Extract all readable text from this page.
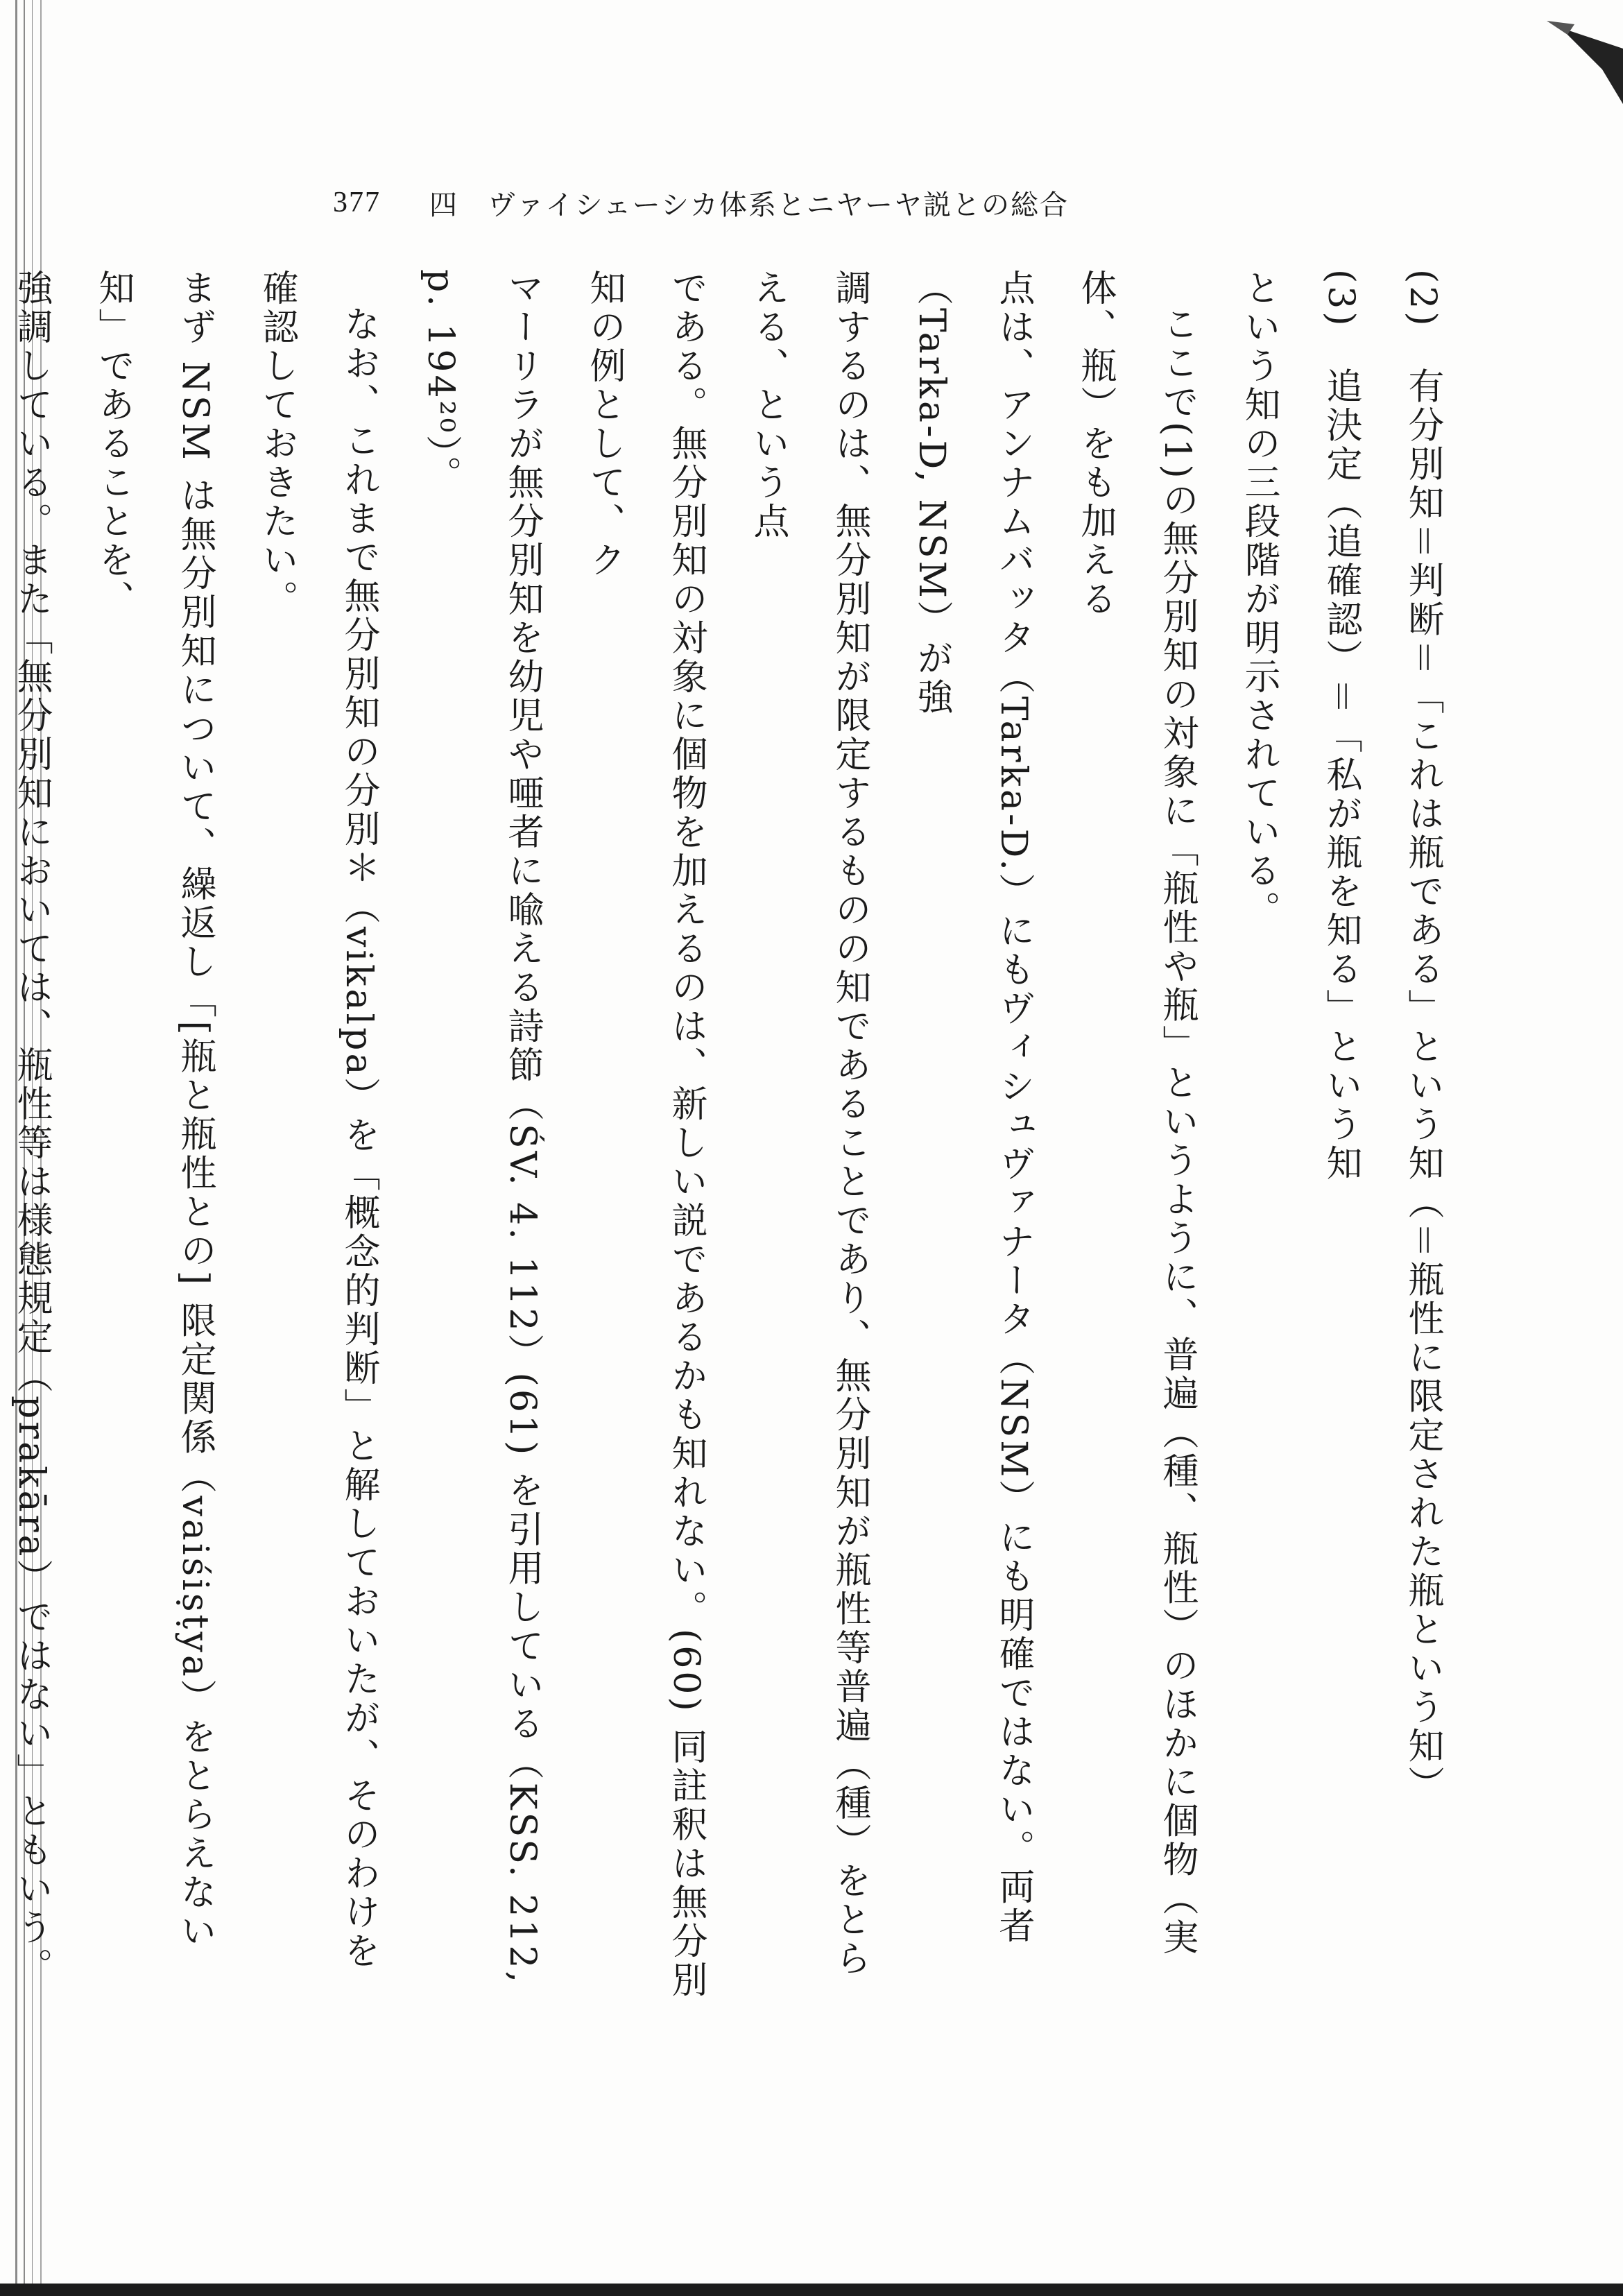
377 四　ヴァイシェーシカ体系とニヤーヤ説との総合

(2)　有分別知＝判断＝「これは瓶である」という知（＝瓶性に限定された瓶という知）

(3)　追決定（追確認）＝「私が瓶を知る」という知

という知の三段階が明示されている。

ここで(1)の無分別知の対象に「瓶性や瓶」というように、普遍（種、瓶性）のほかに個物（実体、瓶）をも加える

点は、アンナムバッタ（Tarka-D.）にもヴィシュヴァナータ（NSM）にも明確ではない。両者（Tarka-D, NSM）が強

調するのは、無分別知が限定するものの知であることであり、無分別知が瓶性等普遍（種）をとらえる、という点

である。無分別知の対象に個物を加えるのは、新しい説であるかも知れない。(60) 同註釈は無分別知の例として、ク

マーリラが無分別知を幼児や唖者に喩える詩節（ŚV. 4. 112）(61) を引用している（KSS. 212, p. 194²⁰）。

なお、これまで無分別知の分別＊（vikalpa）を「概念的判断」と解しておいたが、そのわけを確認しておきたい。

まず NSM は無分別知について、繰返し「[瓶と瓶性との] 限定関係（vaiśiṣṭya）をとらえない知」であることを、

強調している。また「無分別知においては、瓶性等は様態規定（prakāra）ではない」ともいう。
